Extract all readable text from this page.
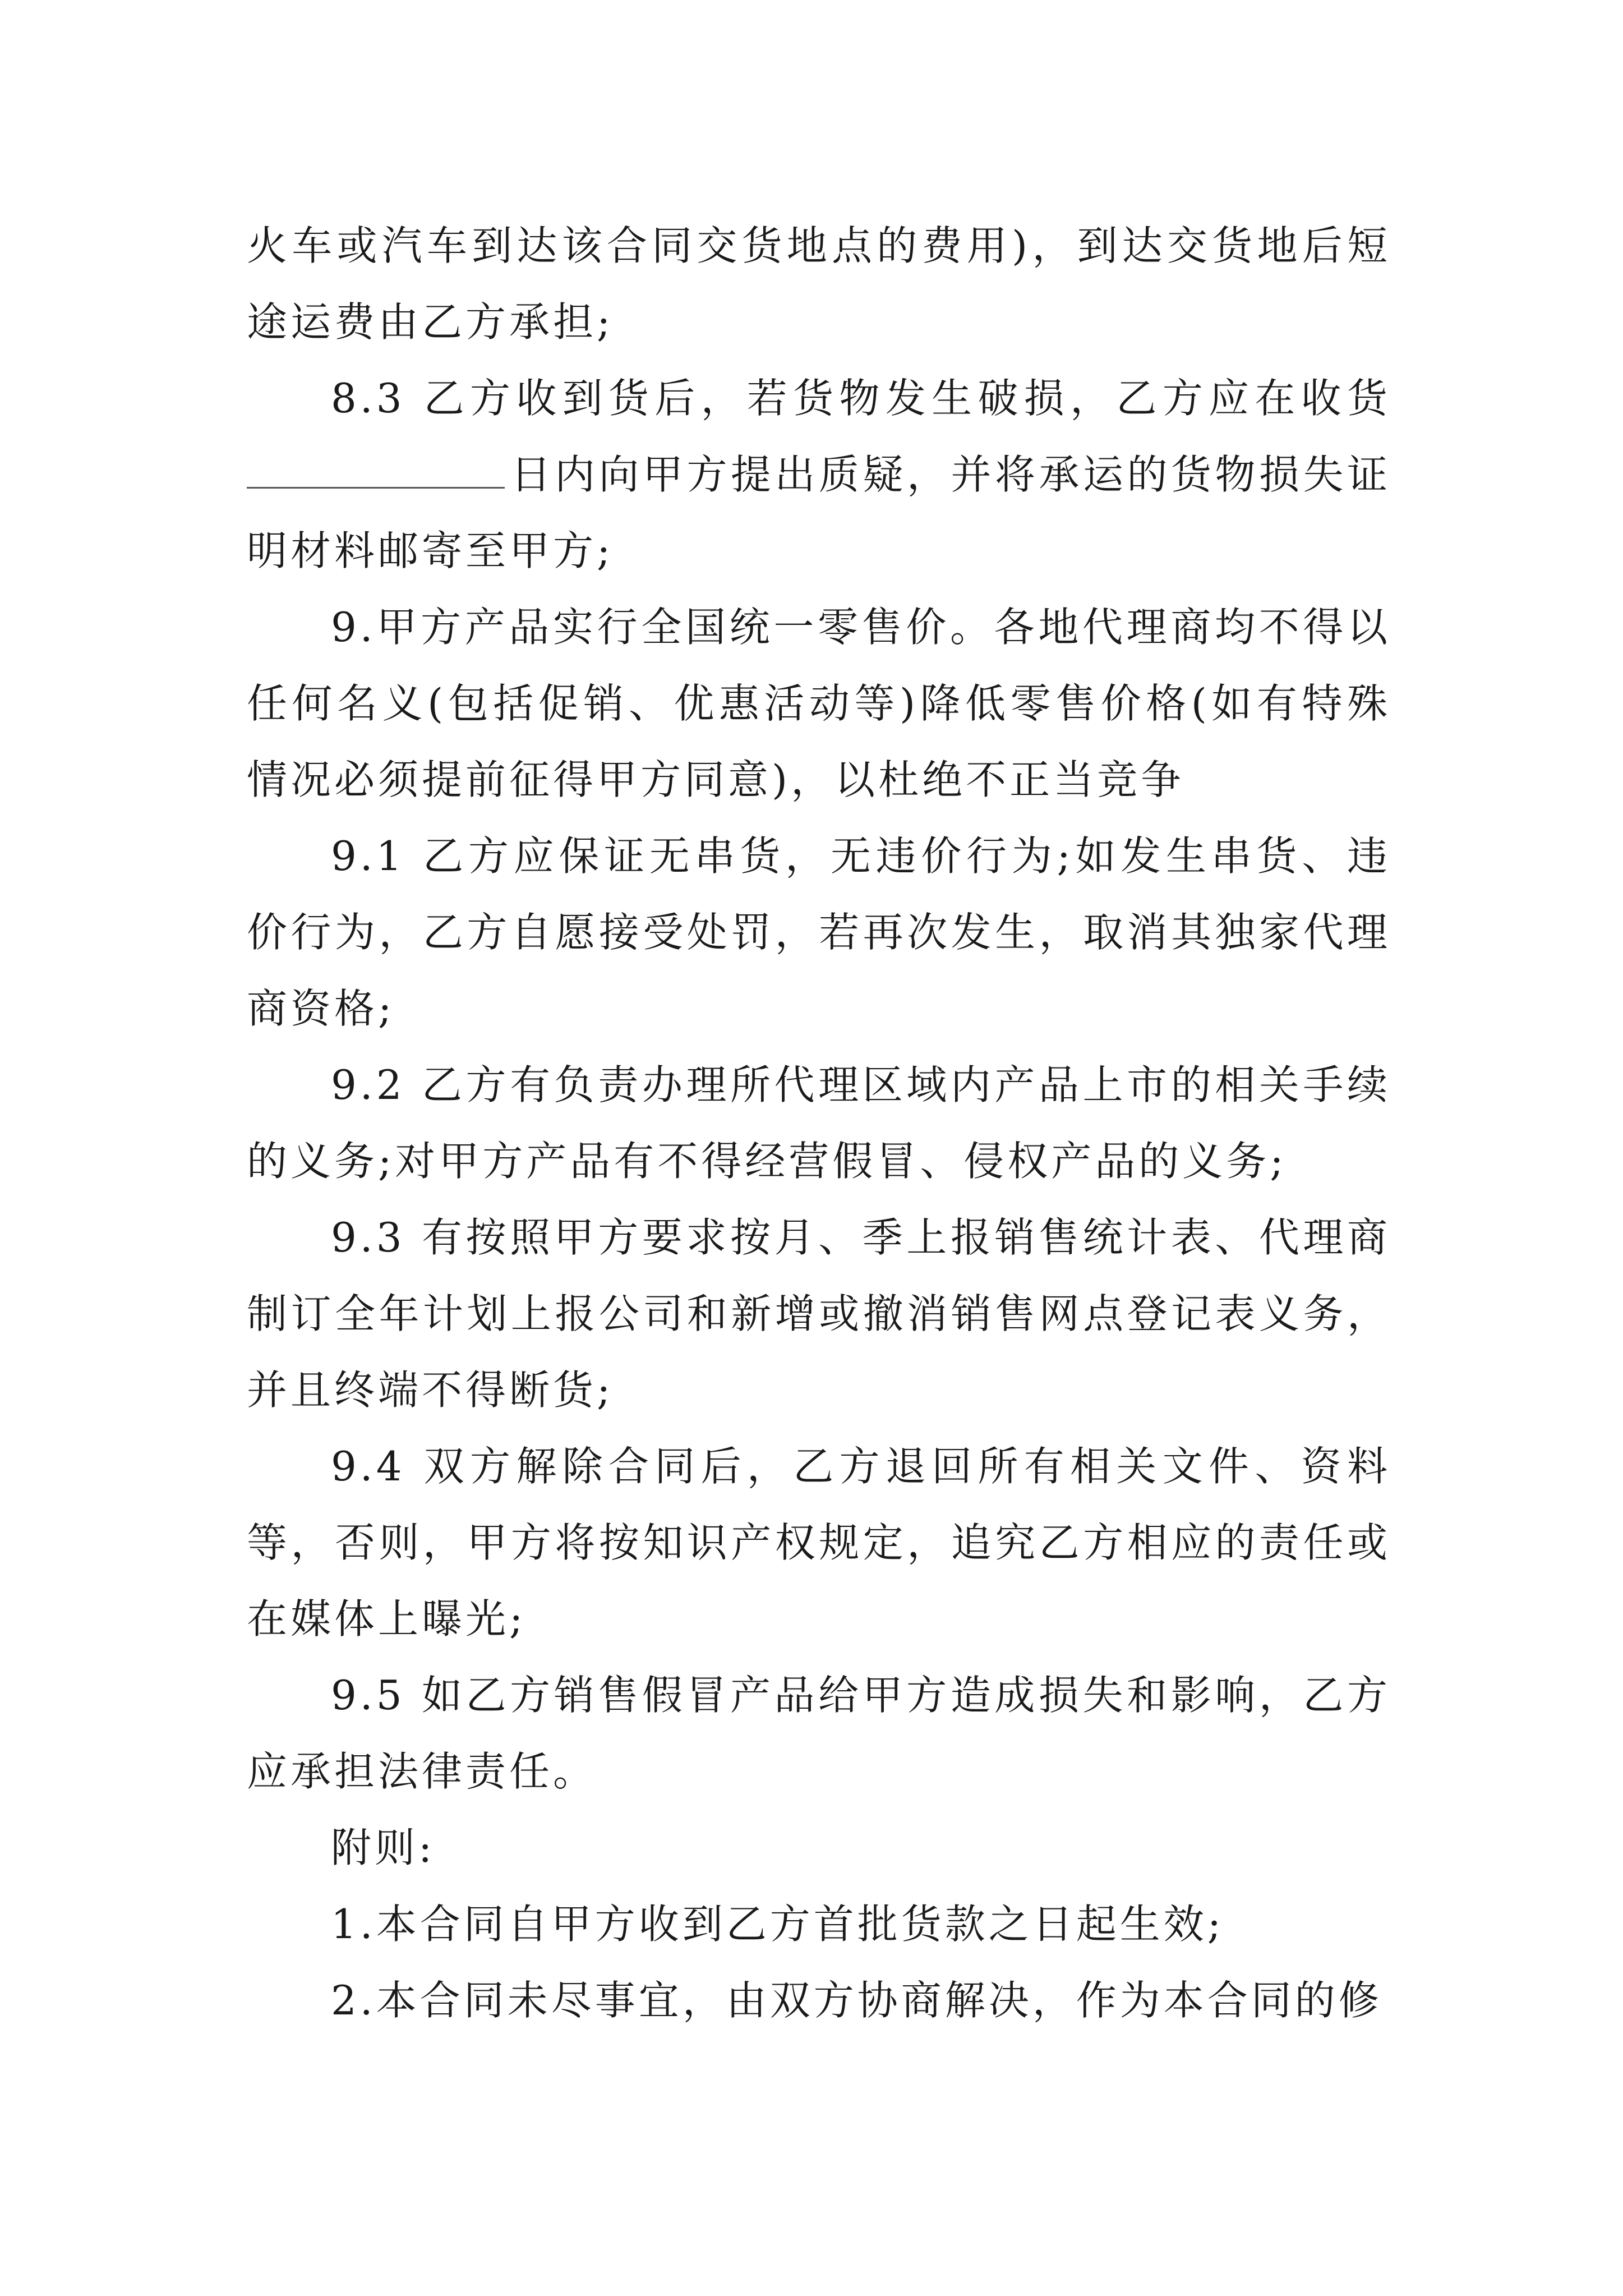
火车或汽车到达该合同交货地点的费用)，到达交货地后短途运费由乙方承担;

8.3 乙方收到货后，若货物发生破损，乙方应在收货日内向甲方提出质疑，并将承运的货物损失证明材料邮寄至甲方;

9.甲方产品实行全国统一零售价。各地代理商均不得以任何名义(包括促销、优惠活动等)降低零售价格(如有特殊情况必须提前征得甲方同意)，以杜绝不正当竞争

9.1 乙方应保证无串货，无违价行为;如发生串货、违价行为，乙方自愿接受处罚，若再次发生，取消其独家代理商资格;

9.2 乙方有负责办理所代理区域内产品上市的相关手续的义务;对甲方产品有不得经营假冒、侵权产品的义务;

9.3 有按照甲方要求按月、季上报销售统计表、代理商制订全年计划上报公司和新增或撤消销售网点登记表义务，并且终端不得断货;

9.4 双方解除合同后，乙方退回所有相关文件、资料等，否则，甲方将按知识产权规定，追究乙方相应的责任或在媒体上曝光;

9.5 如乙方销售假冒产品给甲方造成损失和影响，乙方应承担法律责任。

附则:

1.本合同自甲方收到乙方首批货款之日起生效;

2.本合同未尽事宜，由双方协商解决，作为本合同的修
